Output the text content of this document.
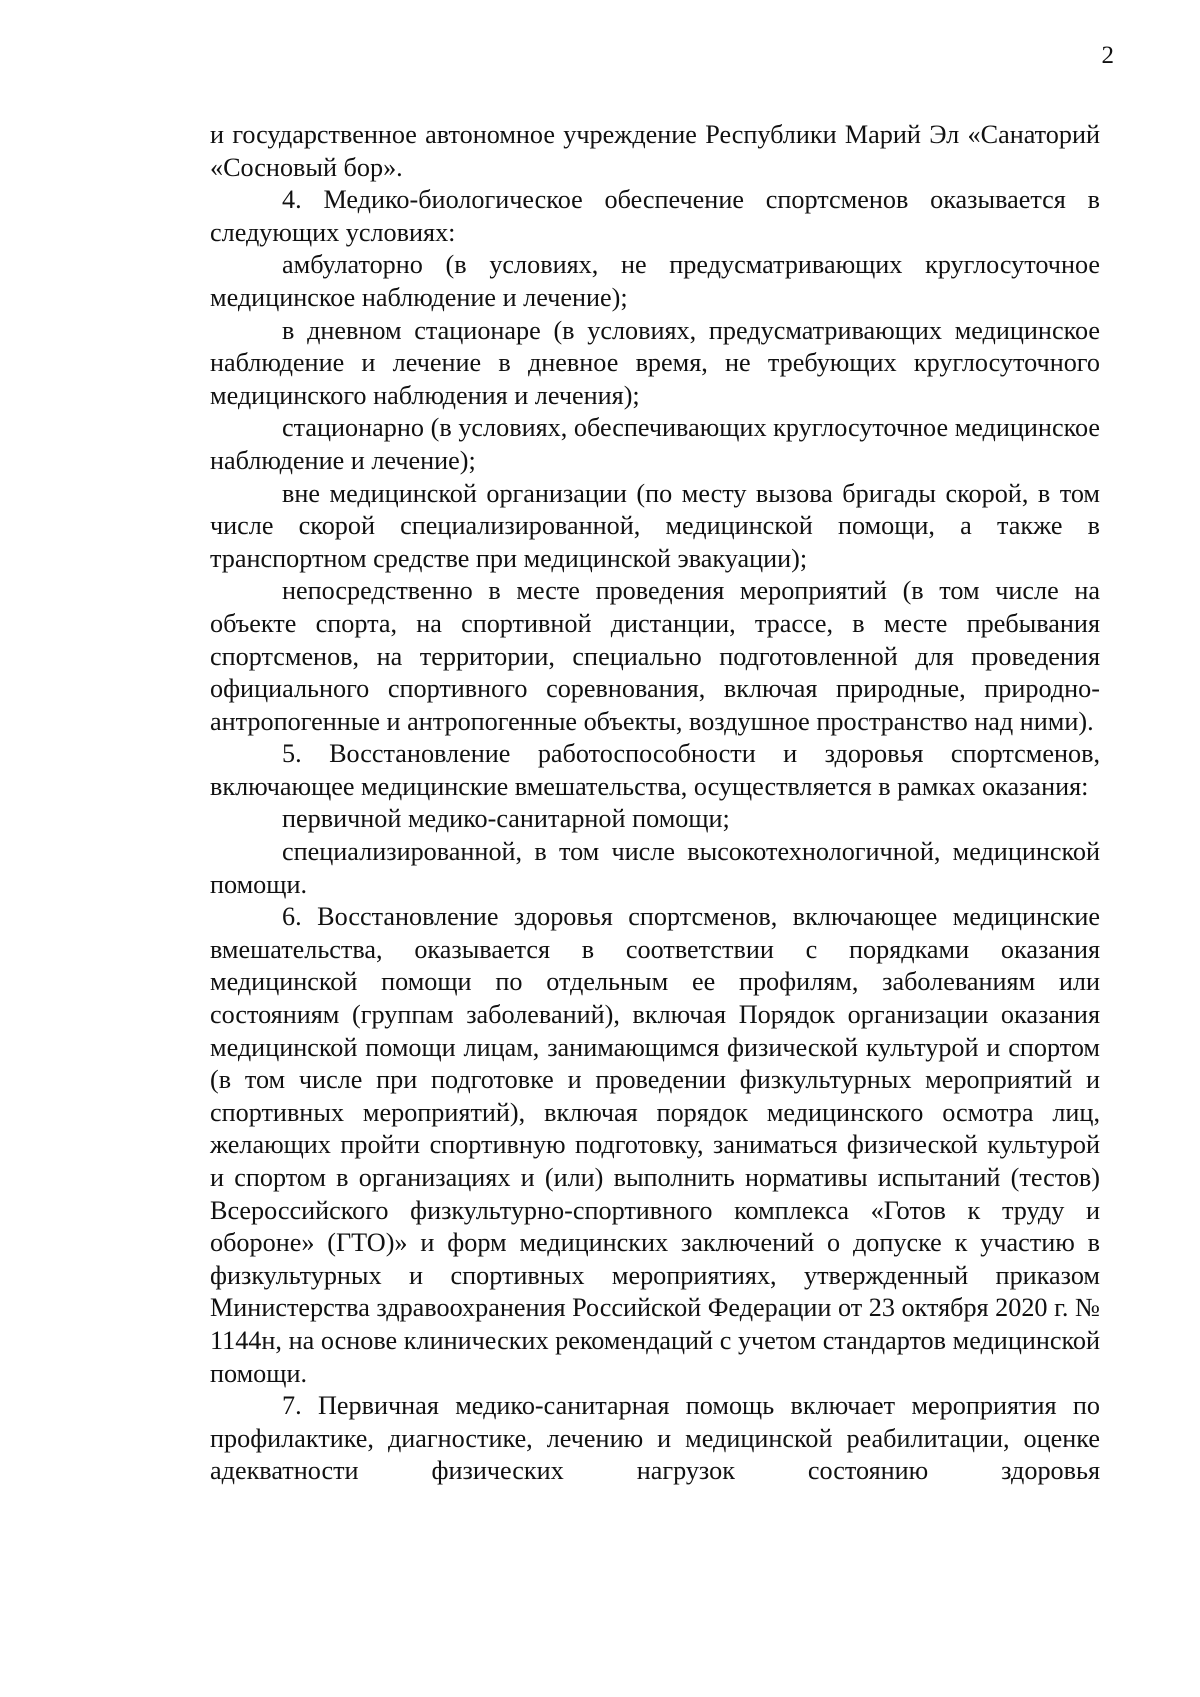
2

и государственное автономное учреждение Республики Марий Эл «Санаторий «Сосновый бор».

4. Медико-биологическое обеспечение спортсменов оказывается в следующих условиях:

амбулаторно (в условиях, не предусматривающих круглосуточное медицинское наблюдение и лечение);

в дневном стационаре (в условиях, предусматривающих медицинское наблюдение и лечение в дневное время, не требующих круглосуточного медицинского наблюдения и лечения);

стационарно (в условиях, обеспечивающих круглосуточное медицинское наблюдение и лечение);

вне медицинской организации (по месту вызова бригады скорой, в том числе скорой специализированной, медицинской помощи, а также в транспортном средстве при медицинской эвакуации);

непосредственно в месте проведения мероприятий (в том числе на объекте спорта, на спортивной дистанции, трассе, в месте пребывания спортсменов, на территории, специально подготовленной для проведения официального спортивного соревнования, включая природные, природно-антропогенные и антропогенные объекты, воздушное пространство над ними).

5. Восстановление работоспособности и здоровья спортсменов, включающее медицинские вмешательства, осуществляется в рамках оказания:

первичной медико-санитарной помощи;

специализированной, в том числе высокотехнологичной, медицинской помощи.

6. Восстановление здоровья спортсменов, включающее медицинские вмешательства, оказывается в соответствии с порядками оказания медицинской помощи по отдельным ее профилям, заболеваниям или состояниям (группам заболеваний), включая Порядок организации оказания медицинской помощи лицам, занимающимся физической культурой и спортом (в том числе при подготовке и проведении физкультурных мероприятий и спортивных мероприятий), включая порядок медицинского осмотра лиц, желающих пройти спортивную подготовку, заниматься физической культурой и спортом в организациях и (или) выполнить нормативы испытаний (тестов) Всероссийского физкультурно-спортивного комплекса «Готов к труду и обороне» (ГТО)» и форм медицинских заключений о допуске к участию в физкультурных и спортивных мероприятиях, утвержденный приказом Министерства здравоохранения Российской Федерации от 23 октября 2020 г. № 1144н, на основе клинических рекомендаций с учетом стандартов медицинской помощи.

7. Первичная медико-санитарная помощь включает мероприятия по профилактике, диагностике, лечению и медицинской реабилитации, оценке адекватности физических нагрузок состоянию здоровья
